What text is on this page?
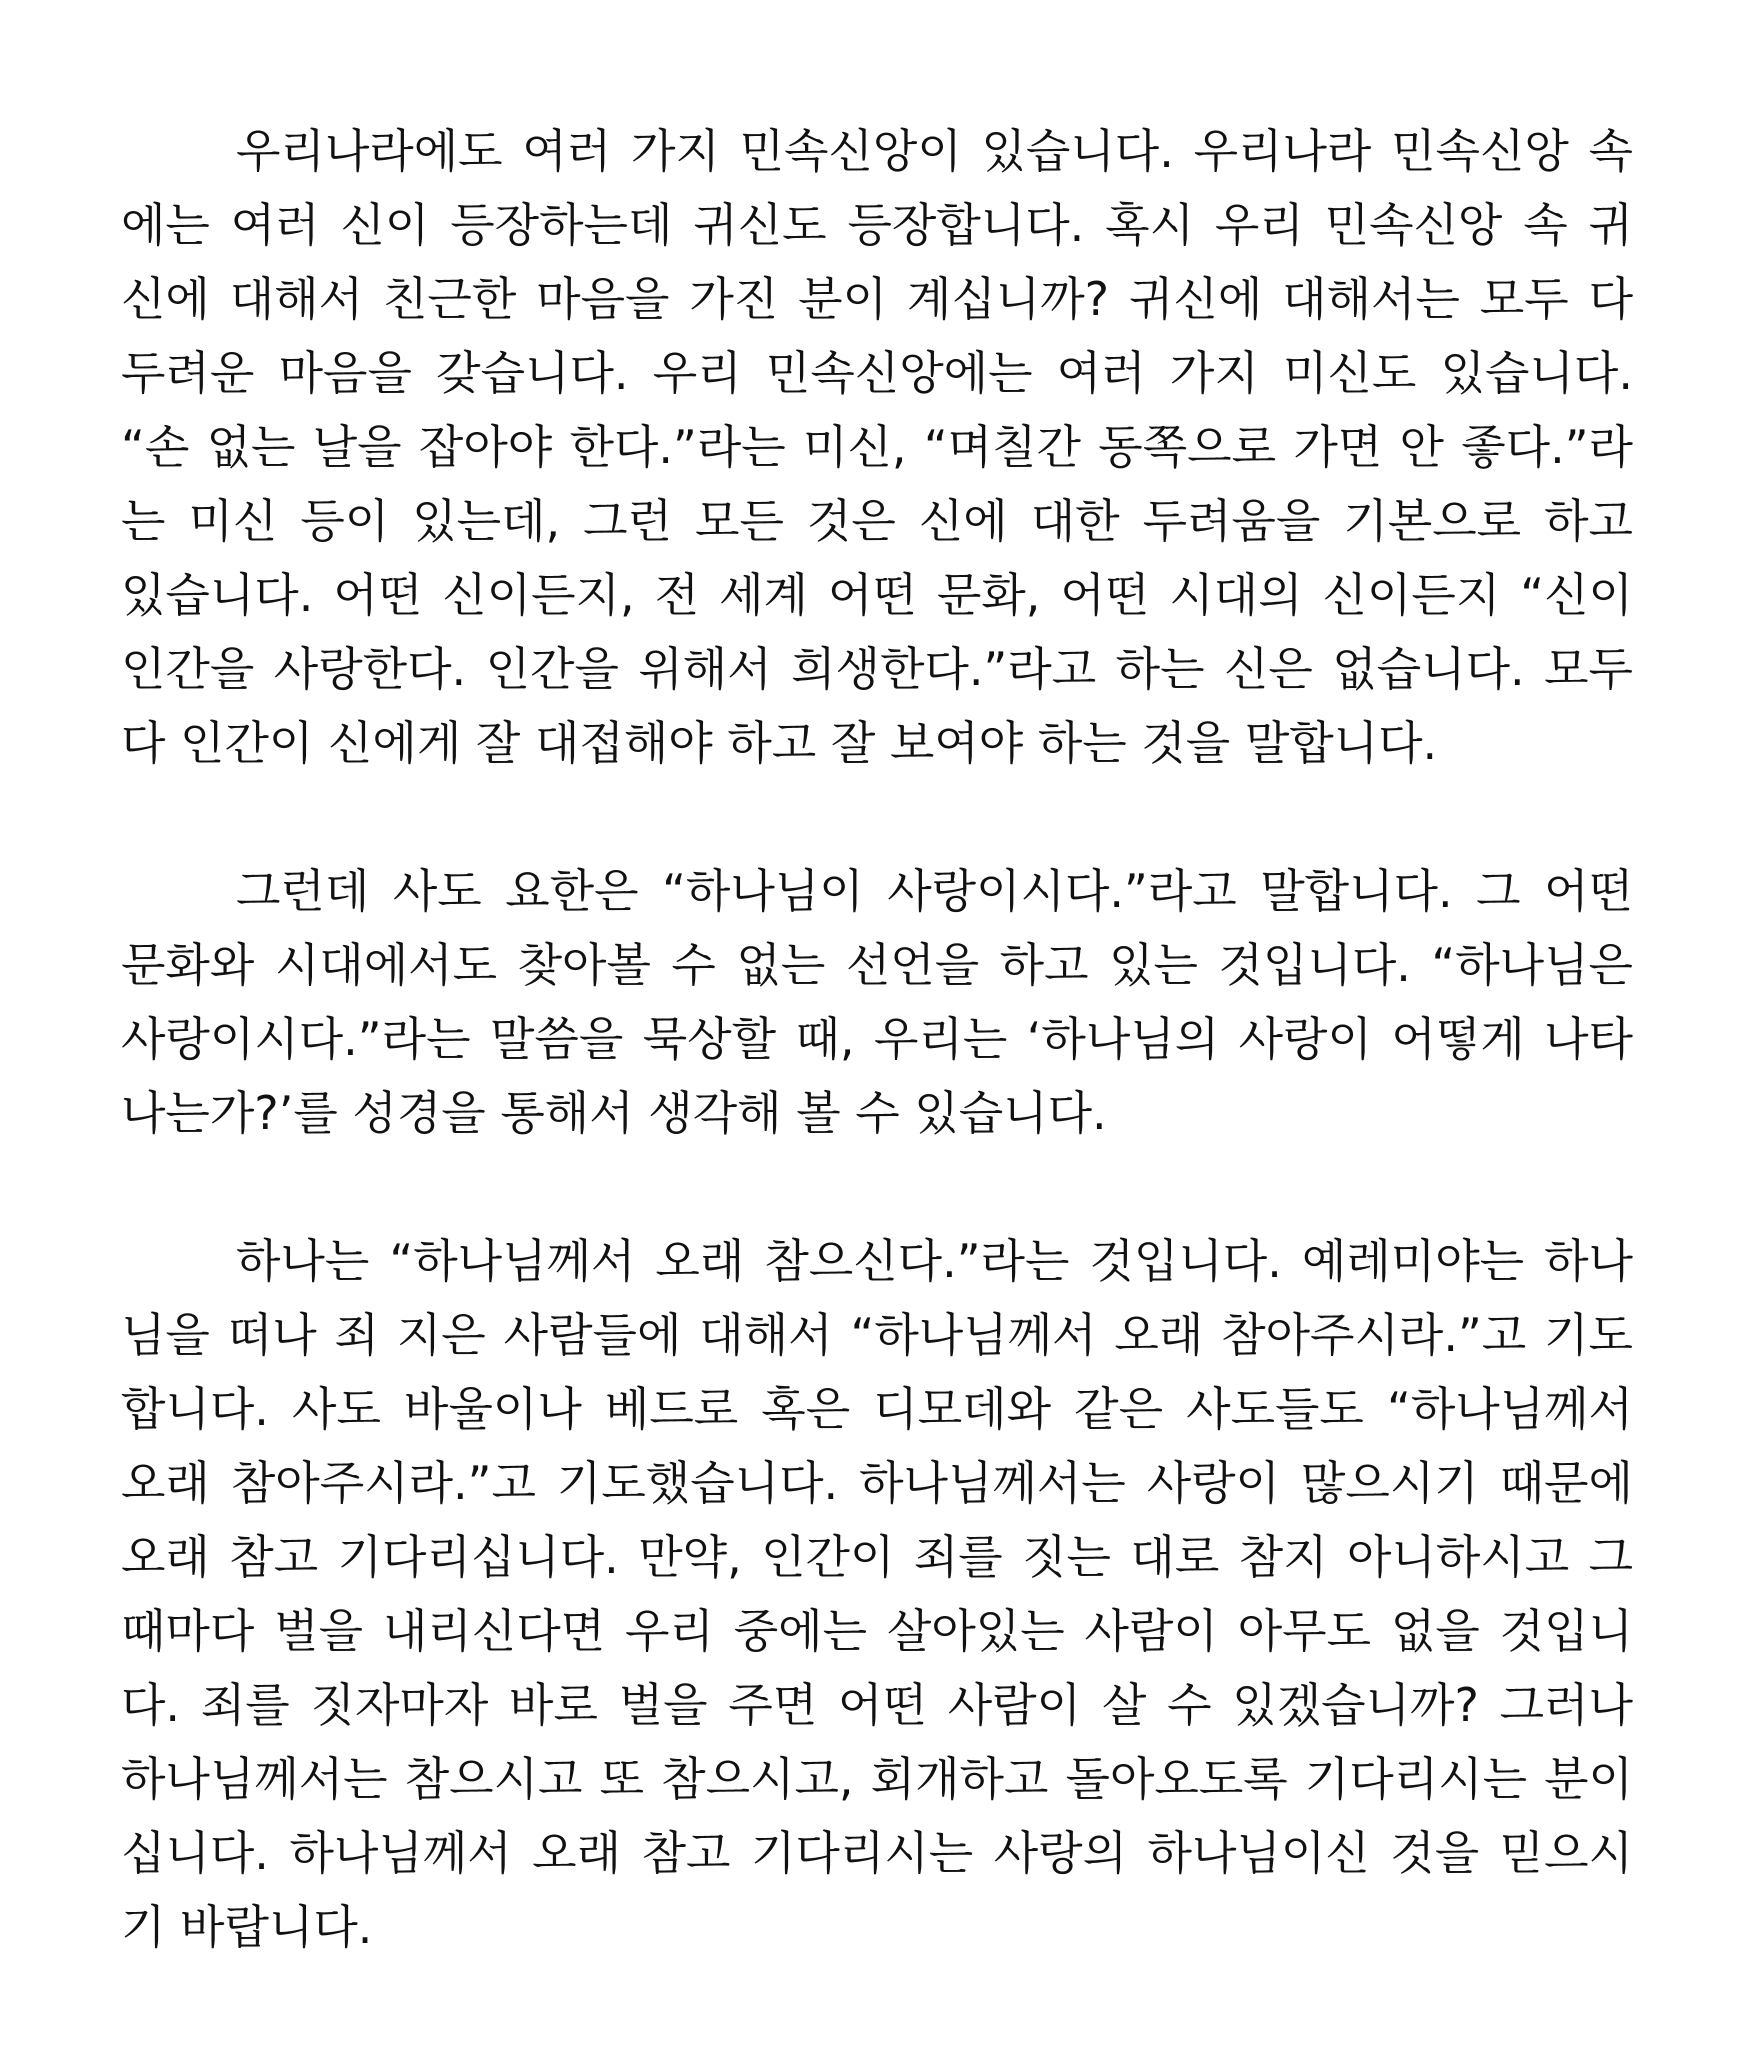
우리나라에도 여러 가지 민속신앙이 있습니다. 우리나라 민속신앙 속
에는 여러 신이 등장하는데 귀신도 등장합니다. 혹시 우리 민속신앙 속 귀
신에 대해서 친근한 마음을 가진 분이 계십니까? 귀신에 대해서는 모두 다
두려운 마음을 갖습니다. 우리 민속신앙에는 여러 가지 미신도 있습니다.
“손 없는 날을 잡아야 한다.”라는 미신, “며칠간 동쪽으로 가면 안 좋다.”라
는 미신 등이 있는데, 그런 모든 것은 신에 대한 두려움을 기본으로 하고
있습니다. 어떤 신이든지, 전 세계 어떤 문화, 어떤 시대의 신이든지 “신이
인간을 사랑한다. 인간을 위해서 희생한다.”라고 하는 신은 없습니다. 모두
다 인간이 신에게 잘 대접해야 하고 잘 보여야 하는 것을 말합니다.
그런데 사도 요한은 “하나님이 사랑이시다.”라고 말합니다. 그 어떤
문화와 시대에서도 찾아볼 수 없는 선언을 하고 있는 것입니다. “하나님은
사랑이시다.”라는 말씀을 묵상할 때, 우리는 ‘하나님의 사랑이 어떻게 나타
나는가?’를 성경을 통해서 생각해 볼 수 있습니다.
하나는 “하나님께서 오래 참으신다.”라는 것입니다. 예레미야는 하나
님을 떠나 죄 지은 사람들에 대해서 “하나님께서 오래 참아주시라.”고 기도
합니다. 사도 바울이나 베드로 혹은 디모데와 같은 사도들도 “하나님께서
오래 참아주시라.”고 기도했습니다. 하나님께서는 사랑이 많으시기 때문에
오래 참고 기다리십니다. 만약, 인간이 죄를 짓는 대로 참지 아니하시고 그
때마다 벌을 내리신다면 우리 중에는 살아있는 사람이 아무도 없을 것입니
다. 죄를 짓자마자 바로 벌을 주면 어떤 사람이 살 수 있겠습니까? 그러나
하나님께서는 참으시고 또 참으시고, 회개하고 돌아오도록 기다리시는 분이
십니다. 하나님께서 오래 참고 기다리시는 사랑의 하나님이신 것을 믿으시
기 바랍니다.
